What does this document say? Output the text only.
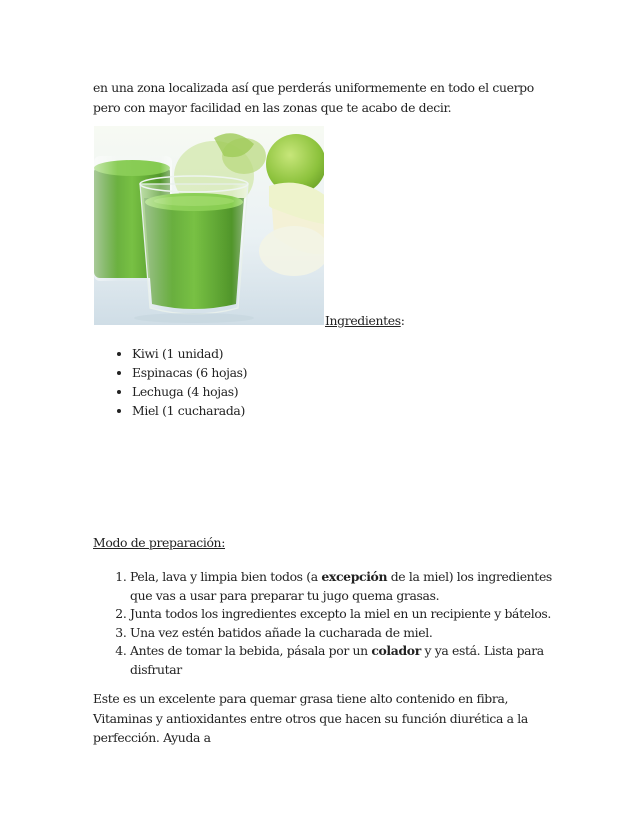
en una zona localizada así que perderás uniformemente en todo el cuerpo pero con mayor facilidad en las zonas que te acabo de decir.

Ingredientes:
• Kiwi (1 unidad)
• Espinacas (6 hojas)
• Lechuga (4 hojas)
• Miel (1 cucharada)
Modo de preparación:
1. Pela, lava y limpia bien todos (a excepción de la miel) los ingredientes que vas a usar para preparar tu jugo quema grasas.
2. Junta todos los ingredientes excepto la miel en un recipiente y bátelos.
3. Una vez estén batidos añade la cucharada de miel.
4. Antes de tomar la bebida, pásala por un colador y ya está. Lista para disfrutar

Este es un excelente para quemar grasa tiene alto contenido en fibra, Vitaminas y antioxidantes entre otros que hacen su función diurética a la perfección. Ayuda a
